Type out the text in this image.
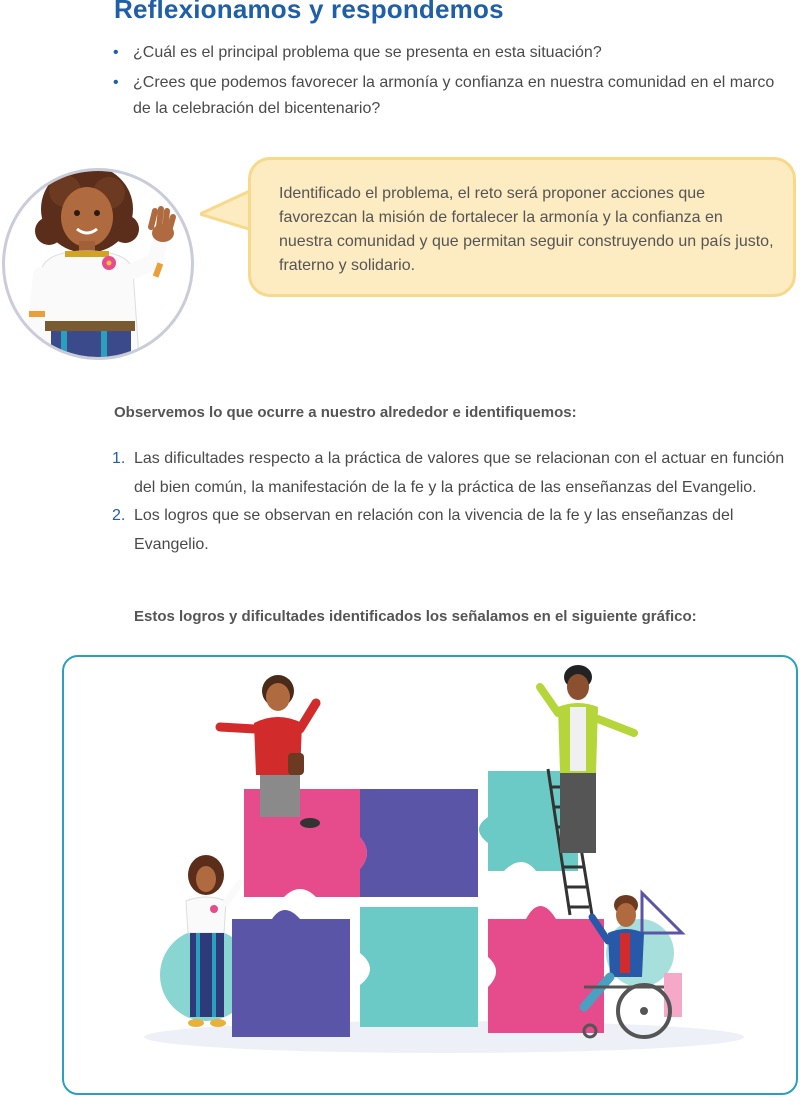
Reflexionamos y respondemos
• ¿Cuál es el principal problema que se presenta en esta situación?
• ¿Crees que podemos favorecer la armonía y confianza en nuestra comunidad en el marco de la celebración del bicentenario?

Identificado el problema, el reto será proponer acciones que favorezcan la misión de fortalecer la armonía y la confianza en nuestra comunidad y que permitan seguir construyendo un país justo, fraterno y solidario.

Observemos lo que ocurre a nuestro alrededor e identifiquemos:

1. Las dificultades respecto a la práctica de valores que se relacionan con el actuar en función del bien común, la manifestación de la fe y la práctica de las enseñanzas del Evangelio.
2. Los logros que se observan en relación con la vivencia de la fe y las enseñanzas del Evangelio.

Estos logros y dificultades identificados los señalamos en el siguiente gráfico:
